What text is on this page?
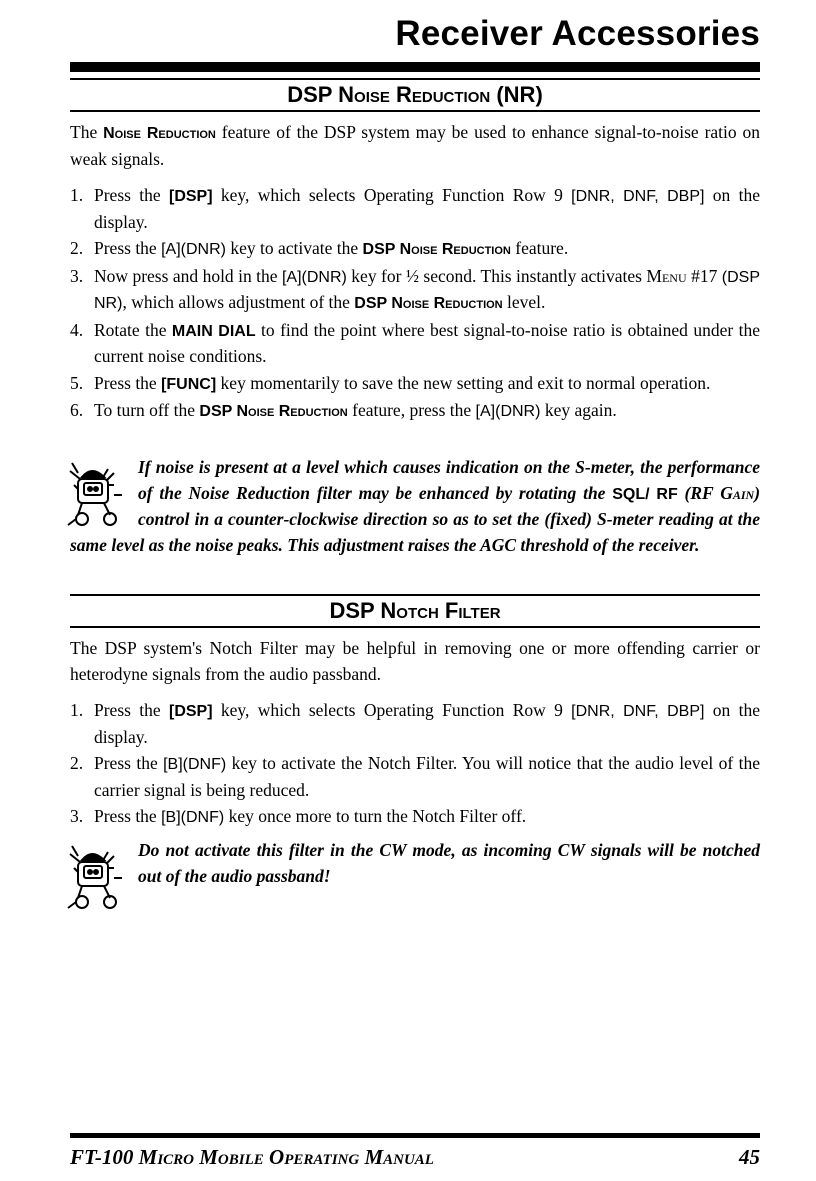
Receiver Accessories
DSP Noise Reduction (NR)

The Noise Reduction feature of the DSP system may be used to enhance signal-to-noise ratio on weak signals.

1. Press the [DSP] key, which selects Operating Function Row 9 [DNR, DNF, DBP] on the display.
2. Press the [A](DNR) key to activate the DSP Noise Reduction feature.
3. Now press and hold in the [A](DNR) key for ½ second. This instantly activates Menu #17 (DSP NR), which allows adjustment of the DSP Noise Reduction level.
4. Rotate the MAIN DIAL to find the point where best signal-to-noise ratio is obtained under the current noise conditions.
5. Press the [FUNC] key momentarily to save the new setting and exit to normal operation.
6. To turn off the DSP Noise Reduction feature, press the [A](DNR) key again.
If noise is present at a level which causes indication on the S-meter, the performance of the Noise Reduction filter may be enhanced by rotating the SQL/ RF (RF Gain) control in a counter-clockwise direction so as to set the (fixed) S-meter reading at the same level as the noise peaks. This adjustment raises the AGC threshold of the receiver.
DSP Notch Filter

The DSP system's Notch Filter may be helpful in removing one or more offending carrier or heterodyne signals from the audio passband.

1. Press the [DSP] key, which selects Operating Function Row 9 [DNR, DNF, DBP] on the display.
2. Press the [B](DNF) key to activate the Notch Filter. You will notice that the audio level of the carrier signal is being reduced.
3. Press the [B](DNF) key once more to turn the Notch Filter off.
Do not activate this filter in the CW mode, as incoming CW signals will be notched out of the audio passband!
FT-100 Micro Mobile Operating Manual	45
